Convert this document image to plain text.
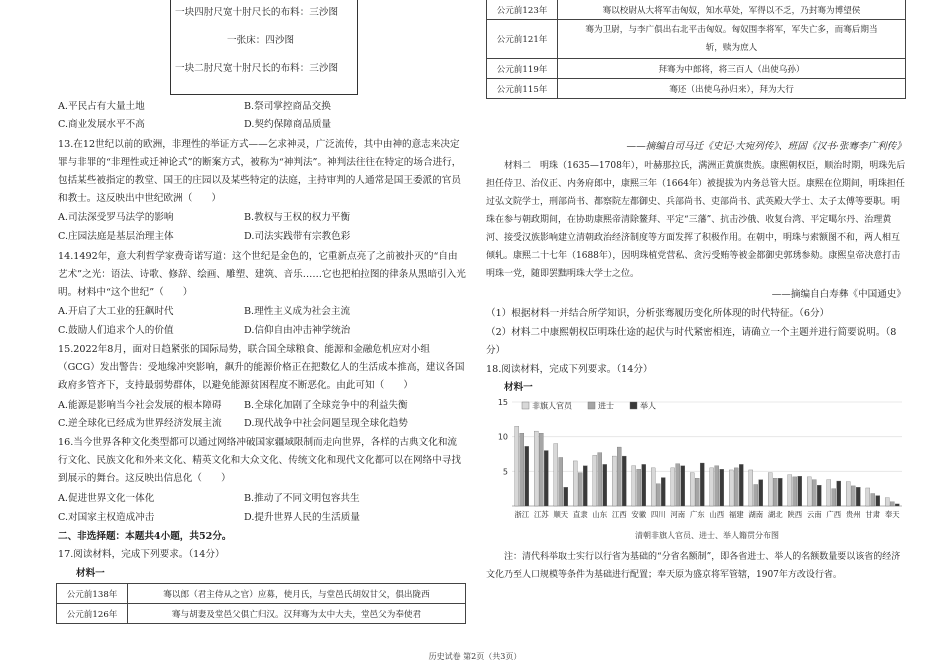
一块四肘尺宽十肘尺长的布料：三沙图
一张床：四沙图
一块二肘尺宽十肘尺长的布料：三沙图
A.平民占有大量土地	B.祭司掌控商品交换
C.商业发展水平不高	D.契约保障商品质量
13.在12世纪以前的欧洲，非理性的举证方式——乞求神灵，广泛流传，其中由神的意志来决定罪与非罪的“非理性或迁神论式”的断案方式，被称为“神判法”。神判法往往在特定的场合进行，包括某些被指定的教堂、国王的庄园以及某些特定的法庭，主持审判的人通常是国王委派的官员和教士。这反映出中世纪欧洲（　　）
A.司法深受罗马法学的影响	B.教权与王权的权力平衡
C.庄园法庭是基层治理主体	D.司法实践带有宗教色彩
14.1492年，意大利哲学家费奇诺写道：这个世纪是金色的，它重新点亮了之前被扑灭的“自由艺术”之光：语法、诗歌、修辞、绘画、雕塑、建筑、音乐……它也把柏拉图的律条从黑暗引入光明。材料中“这个世纪”（　　）
A.开启了大工业的狂飙时代	B.理性主义成为社会主流
C.鼓励人们追求个人的价值	D.信仰自由冲击神学统治
15.2022年8月，面对日趋紧张的国际局势，联合国全球粮食、能源和金融危机应对小组（GCG）发出警告：受地缘冲突影响，飙升的能源价格正在把数亿人的生活成本推高，建议各国政府多管齐下，支持最弱势群体，以避免能源贫困程度不断恶化。由此可知（　　）
A.能源是影响当今社会发展的根本障碍 B.全球化加剧了全球竞争中的利益失衡
C.逆全球化已经成为世界经济发展主流 D.现代战争中社会问题呈现全球化趋势
16.当今世界各种文化类型都可以通过网络冲破国家疆域限制而走向世界，各样的古典文化和流行文化、民族文化和外来文化、精英文化和大众文化、传统文化和现代文化都可以在网络中寻找到展示的舞台。这反映出信息化（　　）
A.促进世界文化一体化	B.推动了不同文明包容共生
C.对国家主权造成冲击	D.提升世界人民的生活质量
二、非选择题：本题共4小题，共52分。
17.阅读材料，完成下列要求。（14分）
材料一
公元前138年	骞以郎（君主侍从之官）应募，使月氏，与堂邑氏胡奴甘父，俱出陇西
公元前126年	骞与胡妻及堂邑父俱亡归汉。汉拜骞为太中大夫，堂邑父为奉使君
公元前123年	骞以校尉从大将军击匈奴，知水草处，军得以不乏，乃封骞为博望侯
公元前121年	骞为卫尉，与李广俱出右北平击匈奴。匈奴围李将军，军失亡多，而骞后期当斩，赎为庶人
公元前119年	拜骞为中郎将，将三百人（出使乌孙）
公元前115年	骞还（出使乌孙归来），拜为大行
——摘编自司马迁《史记·大宛列传》、班固《汉书·张骞李广利传》
材料二　明珠（1635—1708年），叶赫那拉氏，满洲正黄旗贵族。康熙朝权臣，顺治时期，明珠先后担任侍卫、治仪正、内务府郎中，康熙三年（1664年）被提拔为内务总管大臣。康熙在位期间，明珠担任过弘文院学士，刑部尚书、都察院左都御史、兵部尚书、吏部尚书、武英殿大学士、太子太傅等要职。明珠在参与朝政期间，在协助康熙帝清除鳌拜、平定“三藩”、抗击沙俄、收复台湾、平定噶尔丹、治理黄河、接受汉族影响建立清朝政治经济制度等方面发挥了积极作用。在朝中，明珠与索额图不和，两人相互倾轧。康熙二十七年（1688年），因明珠植党营私、贪污受贿等被金都御史郭琇参劾。康熙皇帝决意打击明珠一党，随即罢黜明珠大学士之位。
——摘编自白寿彝《中国通史》
（1）根据材料一并结合所学知识，分析张骞履历变化所体现的时代特征。（6分）
（2）材料二中康熙朝权臣明珠仕途的起伏与时代紧密相连，请确立一个主题并进行简要说明。（8分）
18.阅读材料，完成下列要求。（14分）
材料一
5
10
15
浙江 江苏 顺天 直隶 山东 江西 安徽 四川 河南 广东 山西 福建 湖南 湖北 陕西 云南 广西 贵州 甘肃 奉天
非旗人官员	进士	举人
清朝非旗人官员、进士、举人籍贯分布图
注：清代科举取士实行以行省为基础的“分省名额制”，即各省进士、举人的名额数量要以该省的经济文化乃至人口规模等条件为基础进行配置；奉天原为盛京将军管辖，1907年方改设行省。
历史试卷 第2页（共3页）
